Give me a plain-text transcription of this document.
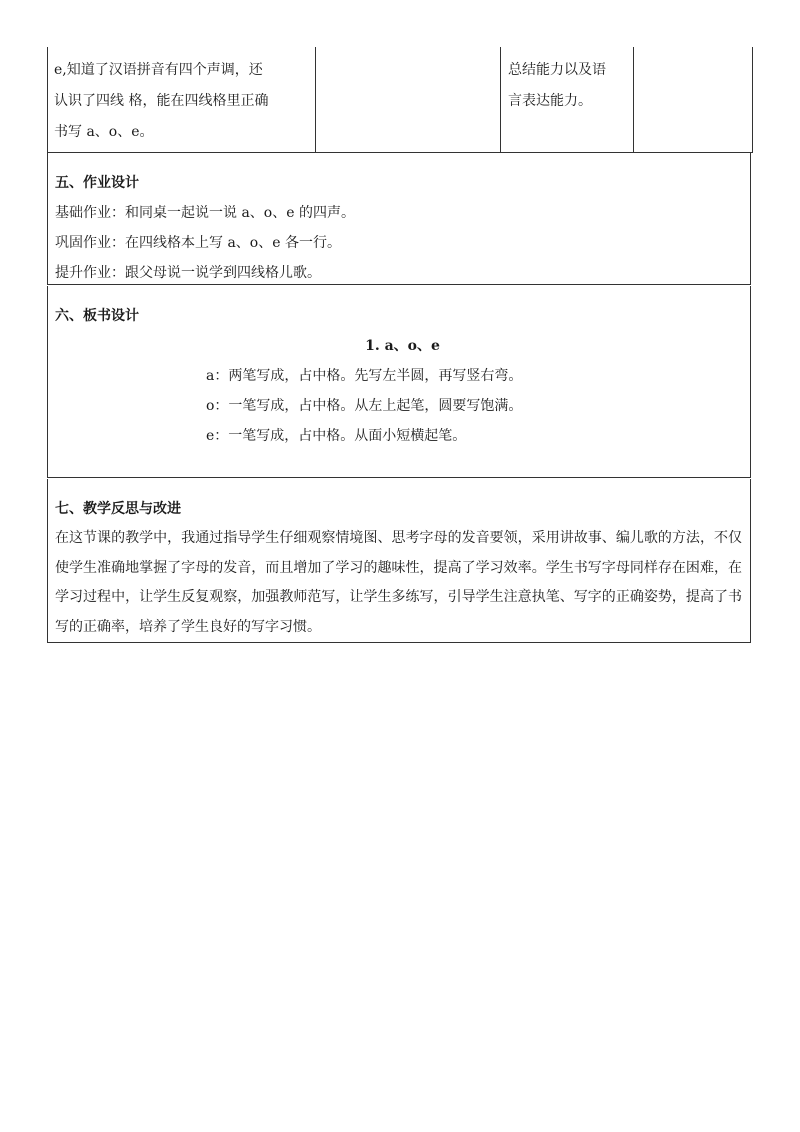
e,知道了汉语拼音有四个声调，还
认识了四线 格，能在四线格里正确
书写 a、o、e。
总结能力以及语
言表达能力。
五、作业设计
基础作业：和同桌一起说一说 a、o、e 的四声。
巩固作业：在四线格本上写 a、o、e 各一行。
提升作业：跟父母说一说学到四线格儿歌。
六、板书设计
1. a、o、e
a：两笔写成，占中格。先写左半圆，再写竖右弯。
o：一笔写成，占中格。从左上起笔，圆要写饱满。
e：一笔写成，占中格。从面小短横起笔。
七、教学反思与改进
在这节课的教学中，我通过指导学生仔细观察情境图、思考字母的发音要领，采用讲故事、编儿歌的方法，不仅使学生准确地掌握了字母的发音，而且增加了学习的趣味性，提高了学习效率。学生书写字母同样存在困难，在学习过程中，让学生反复观察，加强教师范写，让学生多练写，引导学生注意执笔、写字的正确姿势，提高了书写的正确率，培养了学生良好的写字习惯。
